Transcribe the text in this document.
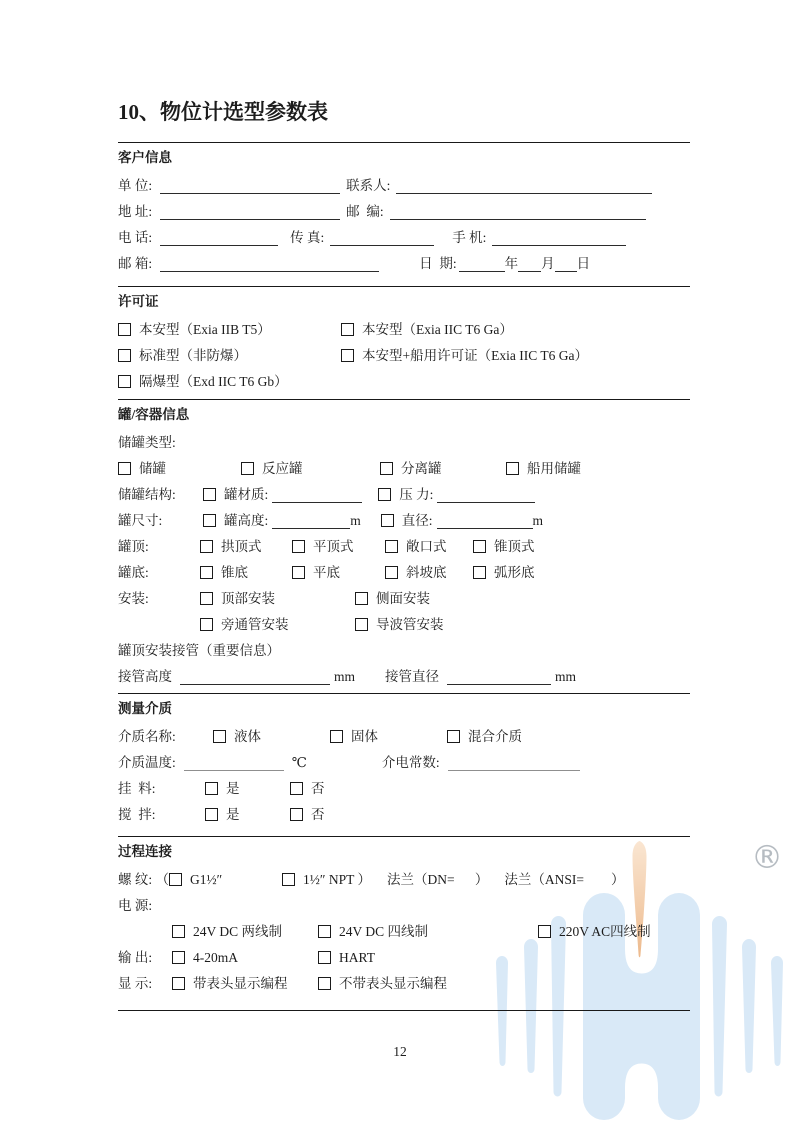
®
10、物位计选型参数表
客户信息
单 位:	联系人:
地 址:	邮  编:
电 话:	传 真:	手 机:
邮 箱:	日  期:	年 月 日
许可证
本安型（Exia IIB T5）	本安型（Exia IIC T6 Ga）
标准型（非防爆）	本安型+船用许可证（Exia IIC T6 Ga）
隔爆型（Exd IIC T6 Gb）
罐/容器信息
储罐类型:
储罐	反应罐	分离罐	船用储罐
储罐结构:	罐材质:	压 力:
罐尺寸:	罐高度:	m	直径:	m
罐顶:	拱顶式	平顶式	敞口式	锥顶式
罐底:	锥底	平底	斜坡底	弧形底
安装:	顶部安装	侧面安装
旁通管安装	导波管安装
罐顶安装接管（重要信息）
接管高度	mm 接管直径	mm
测量介质
介质名称:	液体	固体	混合介质
介质温度:	℃	介电常数:
挂  料:	是	否
搅  拌:	是	否
过程连接
螺 纹: （ G1½″	1½″ NPT ） 法兰（DN=      ） 法兰（ANSI=        ）
电 源:
24V DC 两线制	24V DC 四线制	220V AC四线制
输 出:	4-20mA	HART
显 示:	带表头显示编程	不带表头显示编程
12
